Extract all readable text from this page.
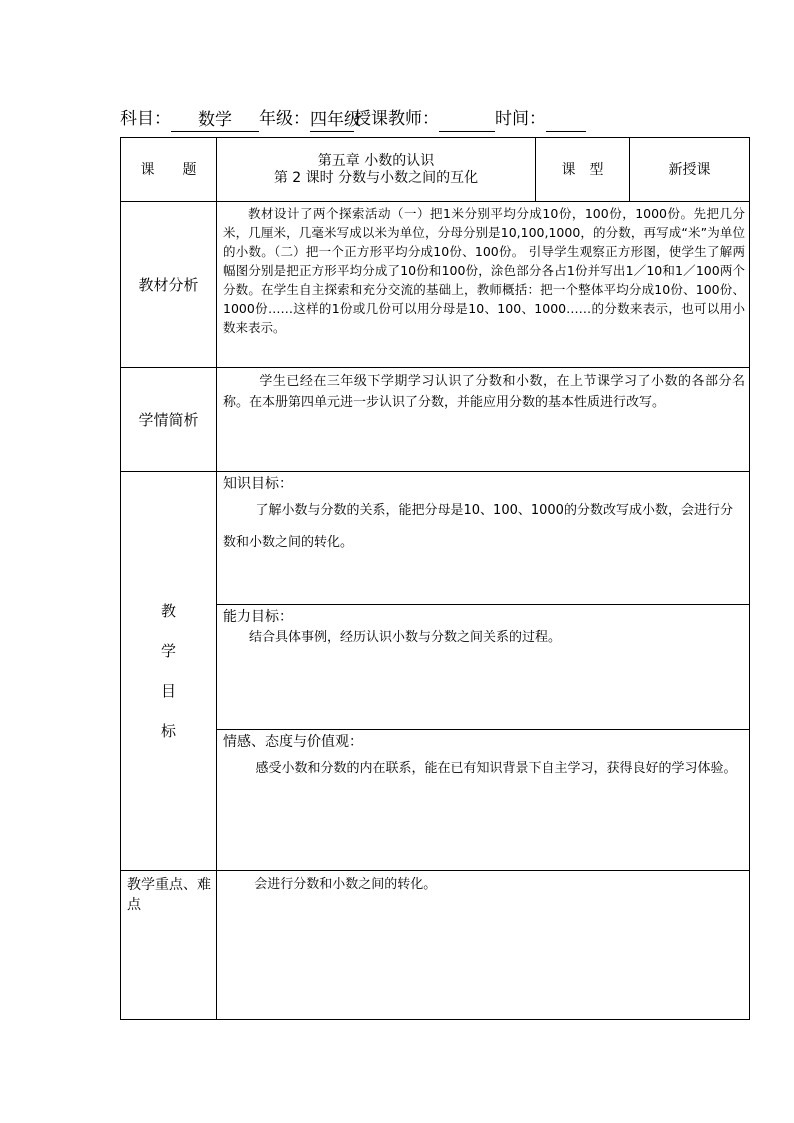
科目： 数学 年级：四年级授课教师：	时间：
课　　题
第五章 小数的认识
第 2 课时 分数与小数之间的互化
课　型	新授课
教材分析
教材设计了两个探索活动（一）把1米分别平均分成10份，100份，1000份。先把几分米，几厘米，几毫米写成以米为单位，分母分别是10,100,1000，的分数，再写成“米”为单位的小数。（二）把一个正方形平均分成10份、100份。 引导学生观察正方形图，使学生了解两幅图分别是把正方形平均分成了10份和100份，涂色部分各占1份并写出1／10和1／100两个分数。在学生自主探索和充分交流的基础上，教师概括：把一个整体平均分成10份、100份、1000份……这样的1份或几份可以用分母是10、100、1000……的分数来表示，也可以用小数来表示。
学情简析
学生已经在三年级下学期学习认识了分数和小数，在上节课学习了小数的各部分名称。在本册第四单元进一步认识了分数，并能应用分数的基本性质进行改写。
教
学
目
标
知识目标：
了解小数与分数的关系，能把分母是10、100、1000的分数改写成小数，会进行分数和小数之间的转化。
能力目标：
结合具体事例，经历认识小数与分数之间关系的过程。
情感、态度与价值观：
感受小数和分数的内在联系，能在已有知识背景下自主学习，获得良好的学习体验。
教学重点、难点
会进行分数和小数之间的转化。
